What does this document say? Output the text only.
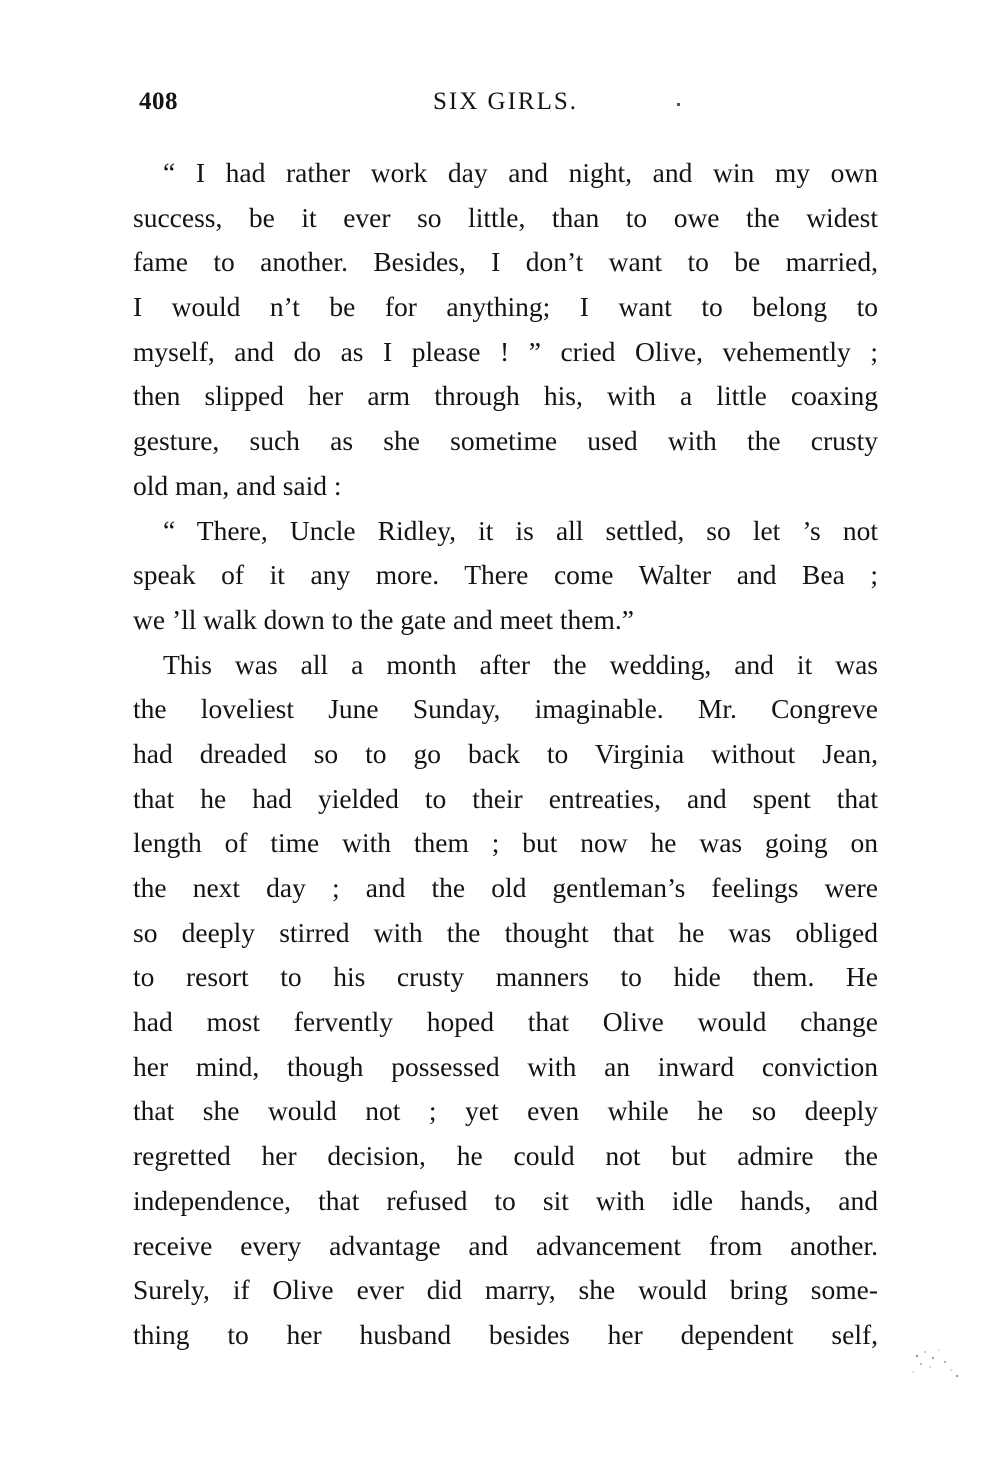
408	SIX GIRLS.
“ I had rather work day and night, and win my own
success, be it ever so little, than to owe the widest
fame to another. Besides, I don’t want to be married,
I would n’t be for anything; I want to belong to
myself, and do as I please ! ” cried Olive, vehemently ;
then slipped her arm through his, with a little coaxing
gesture, such as she sometime used with the crusty
old man, and said :
“ There, Uncle Ridley, it is all settled, so let ’s not
speak of it any more. There come Walter and Bea ;
we ’ll walk down to the gate and meet them.”
This was all a month after the wedding, and it was
the loveliest June Sunday, imaginable. Mr. Congreve
had dreaded so to go back to Virginia without Jean,
that he had yielded to their entreaties, and spent that
length of time with them ; but now he was going on
the next day ; and the old gentleman’s feelings were
so deeply stirred with the thought that he was obliged
to resort to his crusty manners to hide them. He
had most fervently hoped that Olive would change
her mind, though possessed with an inward conviction
that she would not ; yet even while he so deeply
regretted her decision, he could not but admire the
independence, that refused to sit with idle hands, and
receive every advantage and advancement from another.
Surely, if Olive ever did marry, she would bring some-
thing to her husband besides her dependent self,
